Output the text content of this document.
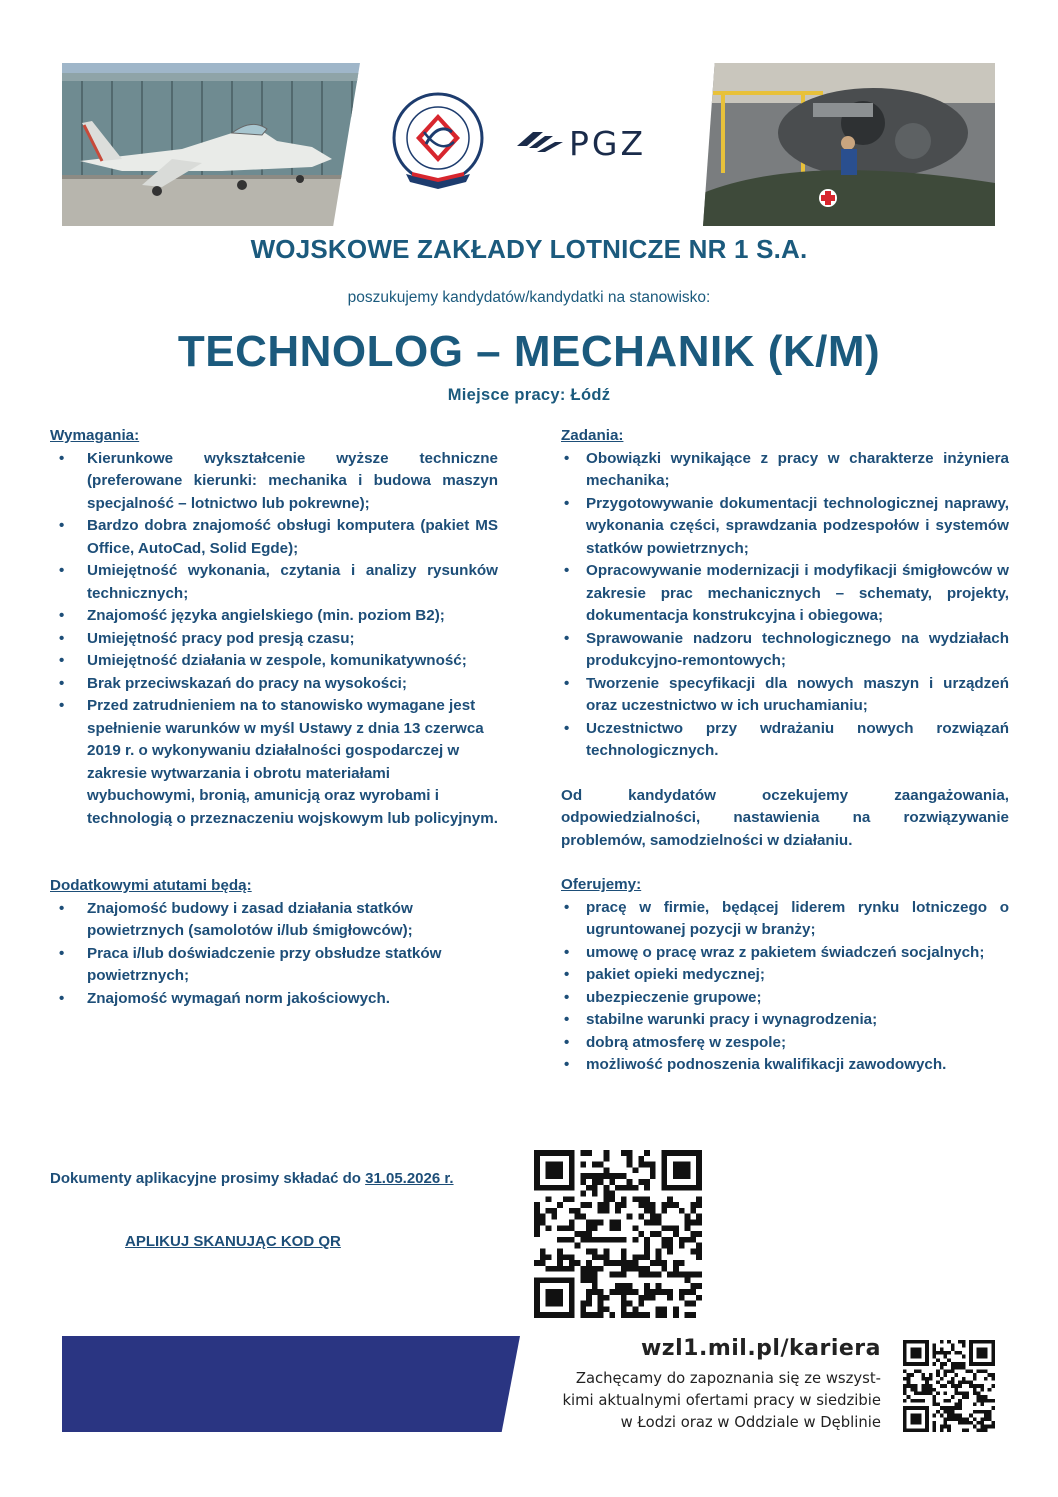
PGZ
WOJSKOWE ZAKŁADY LOTNICZE NR 1 S.A.
poszukujemy kandydatów/kandydatki na stanowisko:
TECHNOLOG – MECHANIK (K/M)
Miejsce pracy: Łódź
Wymagania:
• Kierunkowe wykształcenie wyższe techniczne (preferowane kierunki: mechanika i budowa maszyn specjalność – lotnictwo lub pokrewne);
• Bardzo dobra znajomość obsługi komputera (pakiet MS Office, AutoCad, Solid Egde);
• Umiejętność wykonania, czytania i analizy rysunków technicznych;
• Znajomość języka angielskiego (min. poziom B2);
• Umiejętność pracy pod presją czasu;
• Umiejętność działania w zespole, komunikatywność;
• Brak przeciwskazań do pracy na wysokości;
• Przed zatrudnieniem na to stanowisko wymagane jest spełnienie warunków w myśl Ustawy z dnia 13 czerwca 2019 r. o wykonywaniu działalności gospodarczej w zakresie wytwarzania i obrotu materiałami wybuchowymi, bronią, amunicją oraz wyrobami i technologią o przeznaczeniu wojskowym lub policyjnym.
Dodatkowymi atutami będą:
• Znajomość budowy i zasad działania statków powietrznych (samolotów i/lub śmigłowców);
• Praca i/lub doświadczenie przy obsłudze statków powietrznych;
• Znajomość wymagań norm jakościowych.
Zadania:
• Obowiązki wynikające z pracy w charakterze inżyniera mechanika;
• Przygotowywanie dokumentacji technologicznej naprawy, wykonania części, sprawdzania podzespołów i systemów statków powietrznych;
• Opracowywanie modernizacji i modyfikacji śmigłowców w zakresie prac mechanicznych – schematy, projekty, dokumentacja konstrukcyjna i obiegowa;
• Sprawowanie nadzoru technologicznego na wydziałach produkcyjno-remontowych;
• Tworzenie specyfikacji dla nowych maszyn i urządzeń oraz uczestnictwo w ich uruchamianiu;
• Uczestnictwo przy wdrażaniu nowych rozwiązań technologicznych.
Od kandydatów oczekujemy zaangażowania, odpowiedzialności, nastawienia na rozwiązywanie problemów, samodzielności w działaniu.
Oferujemy:
• pracę w firmie, będącej liderem rynku lotniczego o ugruntowanej pozycji w branży;
• umowę o pracę wraz z pakietem świadczeń socjalnych;
• pakiet opieki medycznej;
• ubezpieczenie grupowe;
• stabilne warunki pracy i wynagrodzenia;
• dobrą atmosferę w zespole;
• możliwość podnoszenia kwalifikacji zawodowych.
Dokumenty aplikacyjne prosimy składać do 31.05.2026 r.
APLIKUJ SKANUJĄC KOD QR
wzl1.mil.pl/kariera
Zachęcamy do zapoznania się ze wszyst-
kimi aktualnymi ofertami pracy w siedzibie
w Łodzi oraz w Oddziale w Dęblinie
